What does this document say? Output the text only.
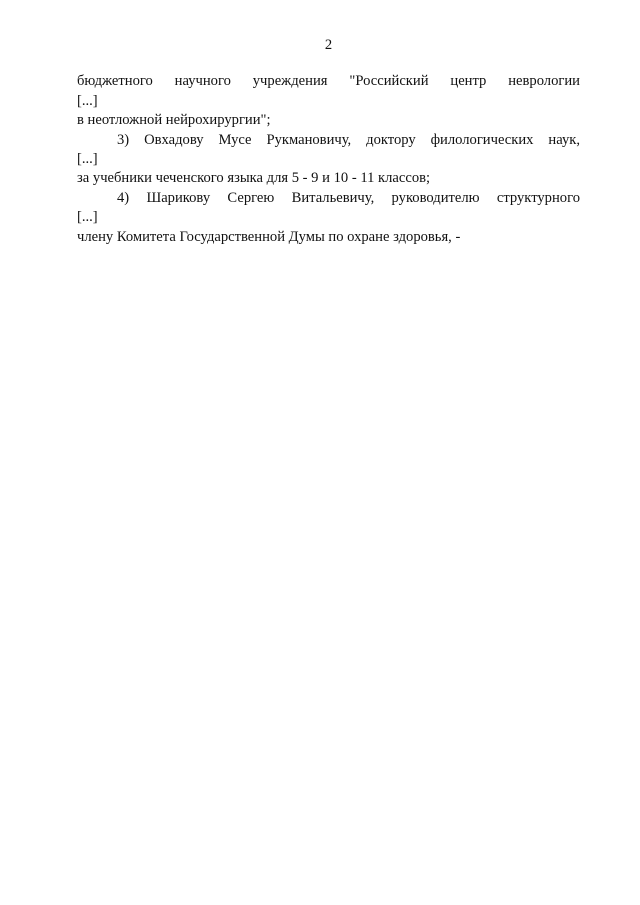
2
бюджетного научного учреждения "Российский центр неврологии
[...]
в неотложной нейрохирургии";
3) Овхадову Мусе Рукмановичу, доктору филологических наук,
[...]
за учебники чеченского языка для 5 - 9 и 10 - 11 классов;
4) Шарикову Сергею Витальевичу, руководителю структурного
[...]
члену Комитета Государственной Думы по охране здоровья, -
